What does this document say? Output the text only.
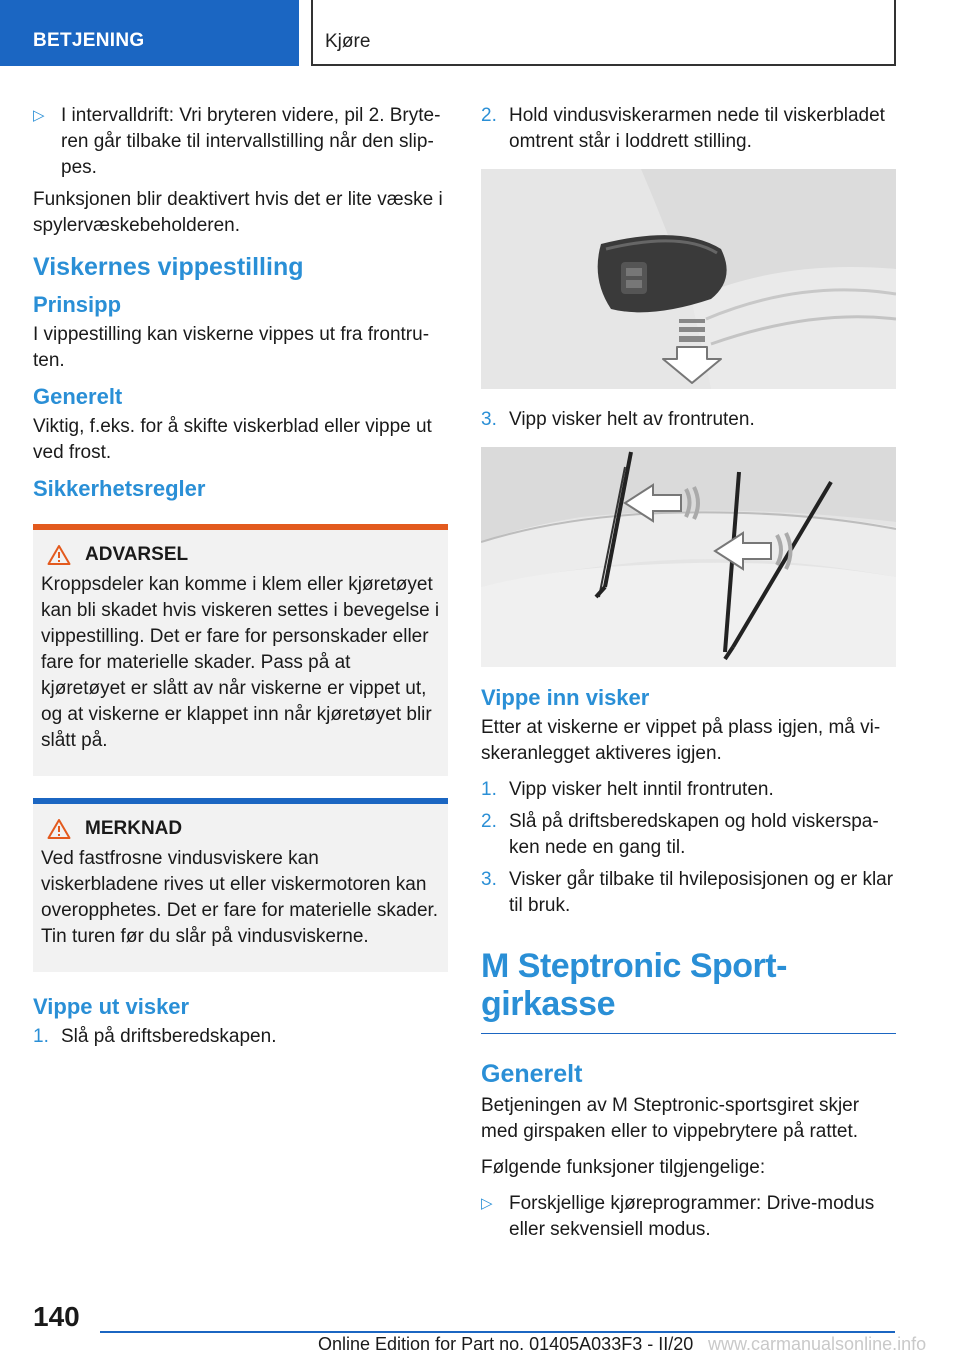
BETJENING	Kjøre
▷ I intervalldrift: Vri bryteren videre, pil 2. Bryteren går tilbake til intervallstilling når den slippes.

Funksjonen blir deaktivert hvis det er lite væske i spylervæskebeholderen.

Viskernes vippestilling
Prinsipp

I vippestilling kan viskerne vippes ut fra frontruten.

Generelt

Viktig, f.eks. for å skifte viskerblad eller vippe ut ved frost.

Sikkerhetsregler
ADVARSEL

Kroppsdeler kan komme i klem eller kjøretøyet kan bli skadet hvis viskeren settes i bevegelse i vippestilling. Det er fare for personskader eller fare for materielle skader. Pass på at kjøretøyet er slått av når viskerne er vippet ut, og at viskerne er klappet inn når kjøretøyet blir slått på.

MERKNAD

Ved fastfrosne vindusviskere kan viskerbladene rives ut eller viskermotoren kan overopphetes. Det er fare for materielle skader. Tin turen før du slår på vindusviskerne.

Vippe ut visker
1. Slå på driftsberedskapen.
2. Hold vindusviskerarmen nede til viskerbladet omtrent står i loddrett stilling.
3. Vipp visker helt av frontruten.
Vippe inn visker

Etter at viskerne er vippet på plass igjen, må viskeranlegget aktiveres igjen.

1. Vipp visker helt inntil frontruten.
2. Slå på driftsberedskapen og hold viskerspaken nede en gang til.
3. Visker går tilbake til hvileposisjonen og er klar til bruk.
M Steptronic Sportgirkasse
Generelt

Betjeningen av M Steptronic-sportsgiret skjer med girspaken eller to vippebrytere på rattet.

Følgende funksjoner tilgjengelige:

▷ Forskjellige kjøreprogrammer: Drive-modus eller sekvensiell modus.
140
Online Edition for Part no. 01405A033F3 - II/20 www.carmanualsonline.info
